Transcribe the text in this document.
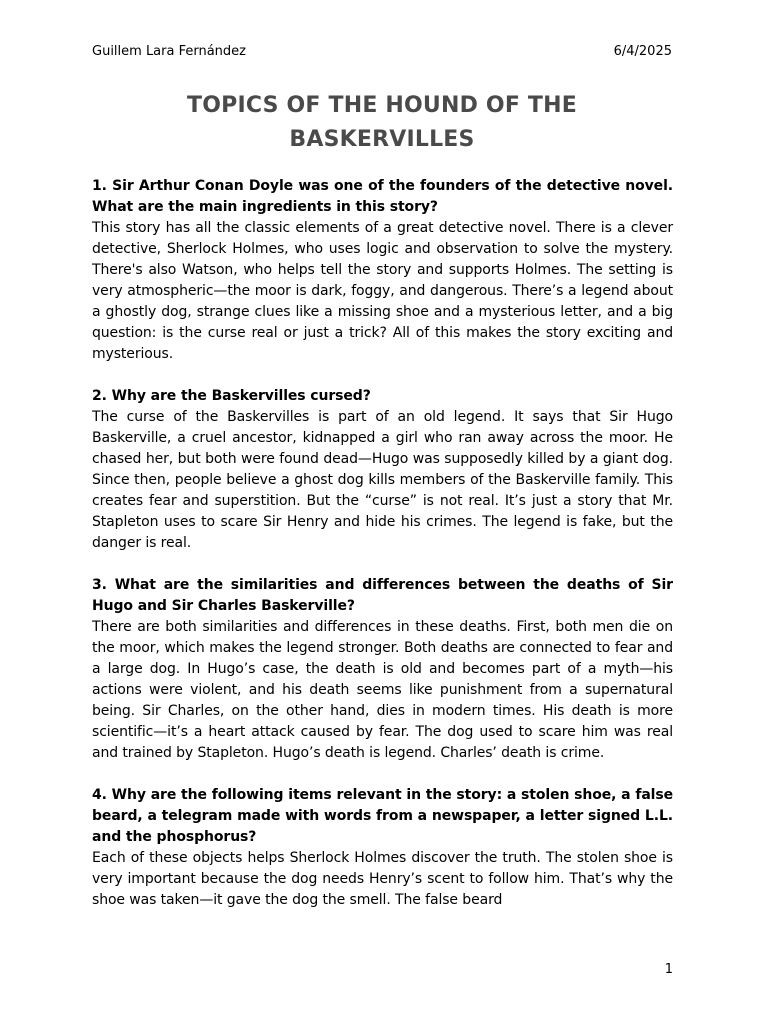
Guillem Lara Fernández	6/4/2025
TOPICS OF THE HOUND OF THE BASKERVILLES

1. Sir Arthur Conan Doyle was one of the founders of the detective novel. What are the main ingredients in this story?

This story has all the classic elements of a great detective novel. There is a clever detective, Sherlock Holmes, who uses logic and observation to solve the mystery. There's also Watson, who helps tell the story and supports Holmes. The setting is very atmospheric—the moor is dark, foggy, and dangerous. There’s a legend about a ghostly dog, strange clues like a missing shoe and a mysterious letter, and a big question: is the curse real or just a trick? All of this makes the story exciting and mysterious.

2. Why are the Baskervilles cursed?

The curse of the Baskervilles is part of an old legend. It says that Sir Hugo Baskerville, a cruel ancestor, kidnapped a girl who ran away across the moor. He chased her, but both were found dead—Hugo was supposedly killed by a giant dog. Since then, people believe a ghost dog kills members of the Baskerville family. This creates fear and superstition. But the “curse” is not real. It’s just a story that Mr. Stapleton uses to scare Sir Henry and hide his crimes. The legend is fake, but the danger is real.

3. What are the similarities and differences between the deaths of Sir Hugo and Sir Charles Baskerville?

There are both similarities and differences in these deaths. First, both men die on the moor, which makes the legend stronger. Both deaths are connected to fear and a large dog. In Hugo’s case, the death is old and becomes part of a myth—his actions were violent, and his death seems like punishment from a supernatural being. Sir Charles, on the other hand, dies in modern times. His death is more scientific—it’s a heart attack caused by fear. The dog used to scare him was real and trained by Stapleton. Hugo’s death is legend. Charles’ death is crime.

4. Why are the following items relevant in the story: a stolen shoe, a false beard, a telegram made with words from a newspaper, a letter signed L.L. and the phosphorus?

Each of these objects helps Sherlock Holmes discover the truth. The stolen shoe is very important because the dog needs Henry’s scent to follow him. That’s why the shoe was taken—it gave the dog the smell. The false beard

1
